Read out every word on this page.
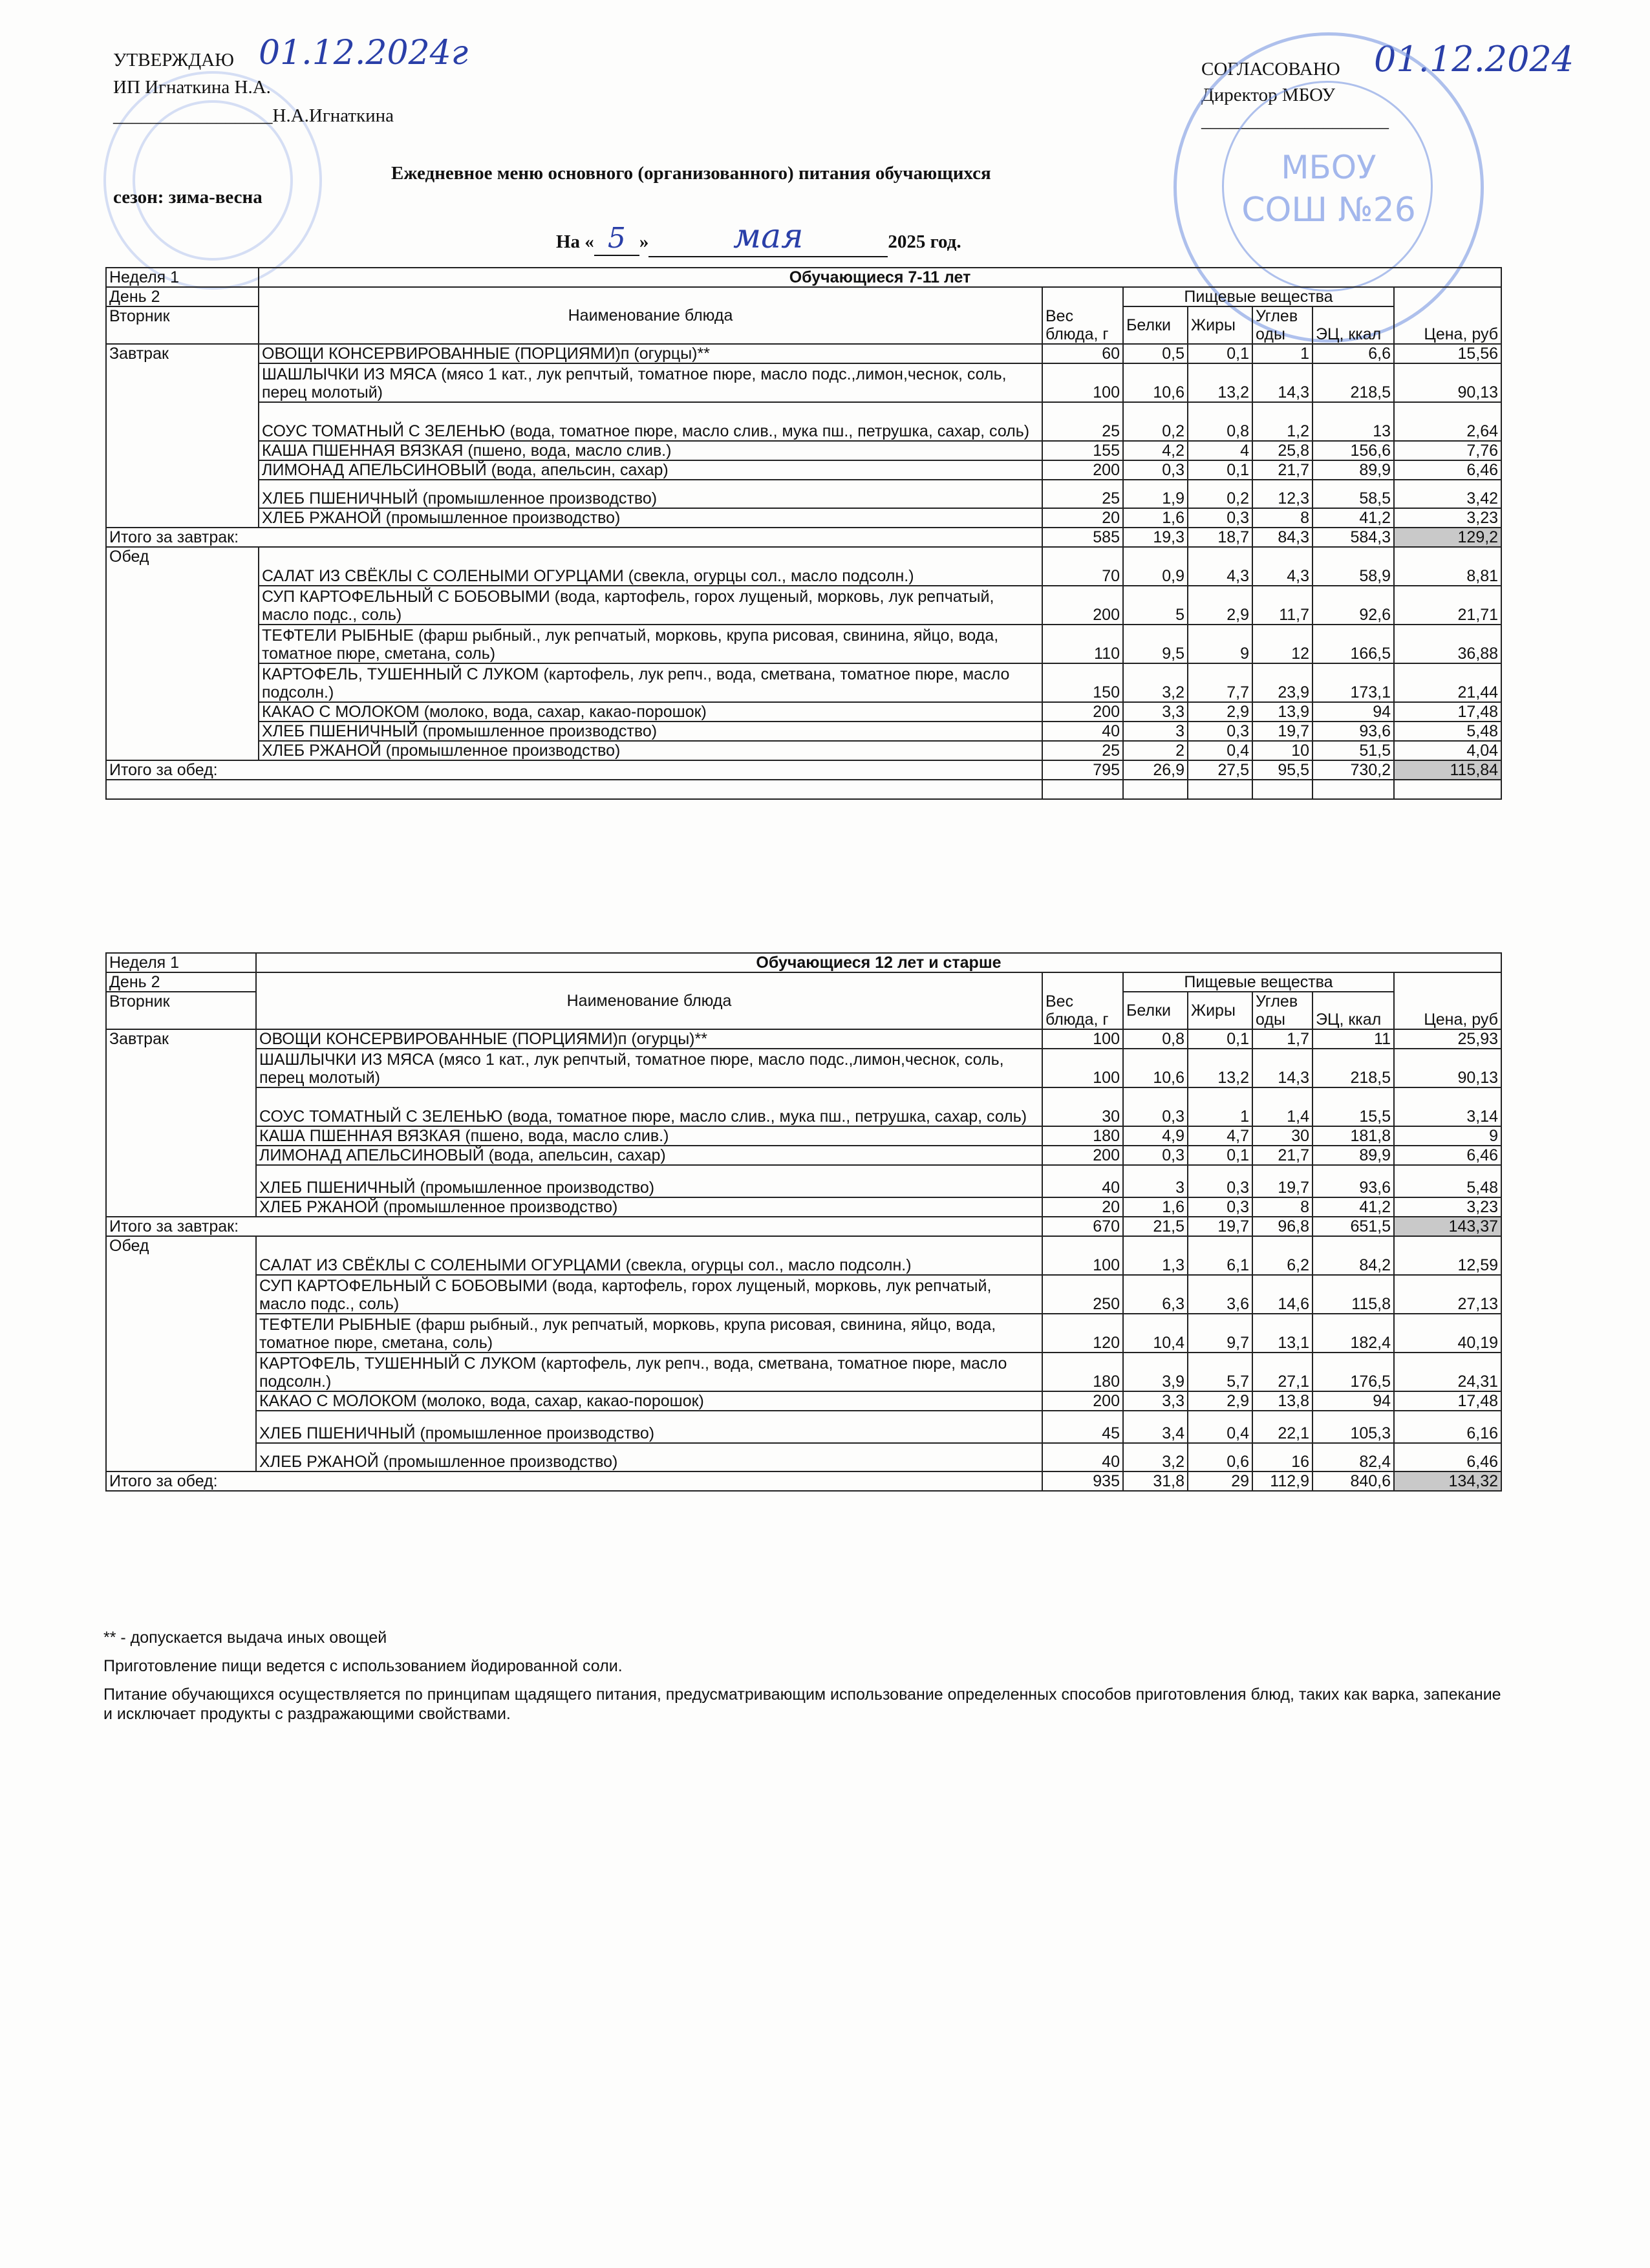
УТВЕРЖДАЮ 01.12.2024г
ИП Игнаткина Н.А.
_________________Н.А.Игнаткина
сезон: зима-весна
СОГЛАСОВАНО 01.12.2024
Директор МБОУ
____________________
МБОУ
СОШ №26
Ежедневное меню основного (организованного) питания обучающихся
На « 5 »	мая	2025 год.
Неделя 1	Обучающиеся 7-11 лет						
День 2	Наименование блюда	Вес блюда, г	Пищевые вещества				Цена, руб
Вторник			Белки	Жиры	Углев оды	ЭЦ, ккал	

Завтрак	ОВОЩИ КОНСЕРВИРОВАННЫЕ (ПОРЦИЯМИ)п (огурцы)**	60	0,5	0,1	1	6,6	15,56
	ШАШЛЫЧКИ ИЗ МЯСА (мясо 1 кат., лук репчтый, томатное пюре, масло подс.,лимон,чеснок, соль, перец молотый)	100	10,6	13,2	14,3	218,5	90,13
	СОУС ТОМАТНЫЙ С ЗЕЛЕНЬЮ (вода, томатное пюре, масло слив., мука пш., петрушка, сахар, соль)	25	0,2	0,8	1,2	13	2,64
	КАША ПШЕННАЯ ВЯЗКАЯ (пшено, вода, масло слив.)	155	4,2	4	25,8	156,6	7,76
	ЛИМОНАД АПЕЛЬСИНОВЫЙ (вода, апельсин, сахар)	200	0,3	0,1	21,7	89,9	6,46
	ХЛЕБ ПШЕНИЧНЫЙ (промышленное производство)	25	1,9	0,2	12,3	58,5	3,42
	ХЛЕБ РЖАНОЙ (промышленное производство)	20	1,6	0,3	8	41,2	3,23
Итого за завтрак:		585	19,3	18,7	84,3	584,3	129,2
Обед	САЛАТ ИЗ СВЁКЛЫ С СОЛЕНЫМИ ОГУРЦАМИ (свекла, огурцы сол., масло подсолн.)	70	0,9	4,3	4,3	58,9	8,81
	СУП КАРТОФЕЛЬНЫЙ С БОБОВЫМИ (вода, картофель, горох лущеный, морковь, лук репчатый, масло подс., соль)	200	5	2,9	11,7	92,6	21,71
	ТЕФТЕЛИ РЫБНЫЕ (фарш рыбный., лук репчатый, морковь, крупа рисовая, свинина, яйцо, вода, томатное пюре, сметана, соль)	110	9,5	9	12	166,5	36,88
	КАРТОФЕЛЬ, ТУШЕННЫЙ С ЛУКОМ (картофель, лук репч., вода, сметвана, томатное пюре, масло подсолн.)	150	3,2	7,7	23,9	173,1	21,44
	КАКАО С МОЛОКОМ (молоко, вода, сахар, какао-порошок)	200	3,3	2,9	13,9	94	17,48
	ХЛЕБ ПШЕНИЧНЫЙ (промышленное производство)	40	3	0,3	19,7	93,6	5,48
	ХЛЕБ РЖАНОЙ (промышленное производство)	25	2	0,4	10	51,5	4,04
Итого за обед:		795	26,9	27,5	95,5	730,2	115,84

Неделя 1	Обучающиеся 12 лет и старше						
День 2	Наименование блюда	Вес блюда, г	Пищевые вещества				Цена, руб
Вторник			Белки	Жиры	Углев оды	ЭЦ, ккал	

Завтрак	ОВОЩИ КОНСЕРВИРОВАННЫЕ (ПОРЦИЯМИ)п (огурцы)**	100	0,8	0,1	1,7	11	25,93
	ШАШЛЫЧКИ ИЗ МЯСА (мясо 1 кат., лук репчтый, томатное пюре, масло подс.,лимон,чеснок, соль, перец молотый)	100	10,6	13,2	14,3	218,5	90,13
	СОУС ТОМАТНЫЙ С ЗЕЛЕНЬЮ (вода, томатное пюре, масло слив., мука пш., петрушка, сахар, соль)	30	0,3	1	1,4	15,5	3,14
	КАША ПШЕННАЯ ВЯЗКАЯ (пшено, вода, масло слив.)	180	4,9	4,7	30	181,8	9
	ЛИМОНАД АПЕЛЬСИНОВЫЙ (вода, апельсин, сахар)	200	0,3	0,1	21,7	89,9	6,46
	ХЛЕБ ПШЕНИЧНЫЙ (промышленное производство)	40	3	0,3	19,7	93,6	5,48
	ХЛЕБ РЖАНОЙ (промышленное производство)	20	1,6	0,3	8	41,2	3,23
Итого за завтрак:		670	21,5	19,7	96,8	651,5	143,37
Обед	САЛАТ ИЗ СВЁКЛЫ С СОЛЕНЫМИ ОГУРЦАМИ (свекла, огурцы сол., масло подсолн.)	100	1,3	6,1	6,2	84,2	12,59
	СУП КАРТОФЕЛЬНЫЙ С БОБОВЫМИ (вода, картофель, горох лущеный, морковь, лук репчатый, масло подс., соль)	250	6,3	3,6	14,6	115,8	27,13
	ТЕФТЕЛИ РЫБНЫЕ (фарш рыбный., лук репчатый, морковь, крупа рисовая, свинина, яйцо, вода, томатное пюре, сметана, соль)	120	10,4	9,7	13,1	182,4	40,19
	КАРТОФЕЛЬ, ТУШЕННЫЙ С ЛУКОМ (картофель, лук репч., вода, сметвана, томатное пюре, масло подсолн.)	180	3,9	5,7	27,1	176,5	24,31
	КАКАО С МОЛОКОМ (молоко, вода, сахар, какао-порошок)	200	3,3	2,9	13,8	94	17,48
	ХЛЕБ ПШЕНИЧНЫЙ (промышленное производство)	45	3,4	0,4	22,1	105,3	6,16
	ХЛЕБ РЖАНОЙ (промышленное производство)	40	3,2	0,6	16	82,4	6,46
Итого за обед:		935	31,8	29	112,9	840,6	134,32
** - допускается выдача иных овощей
Приготовление пищи ведется с использованием йодированной соли.
Питание обучающихся осуществляется по принципам щадящего питания, предусматривающим использование определенных способов приготовления блюд, таких как варка, запекание и исключает продукты с раздражающими свойствами.
